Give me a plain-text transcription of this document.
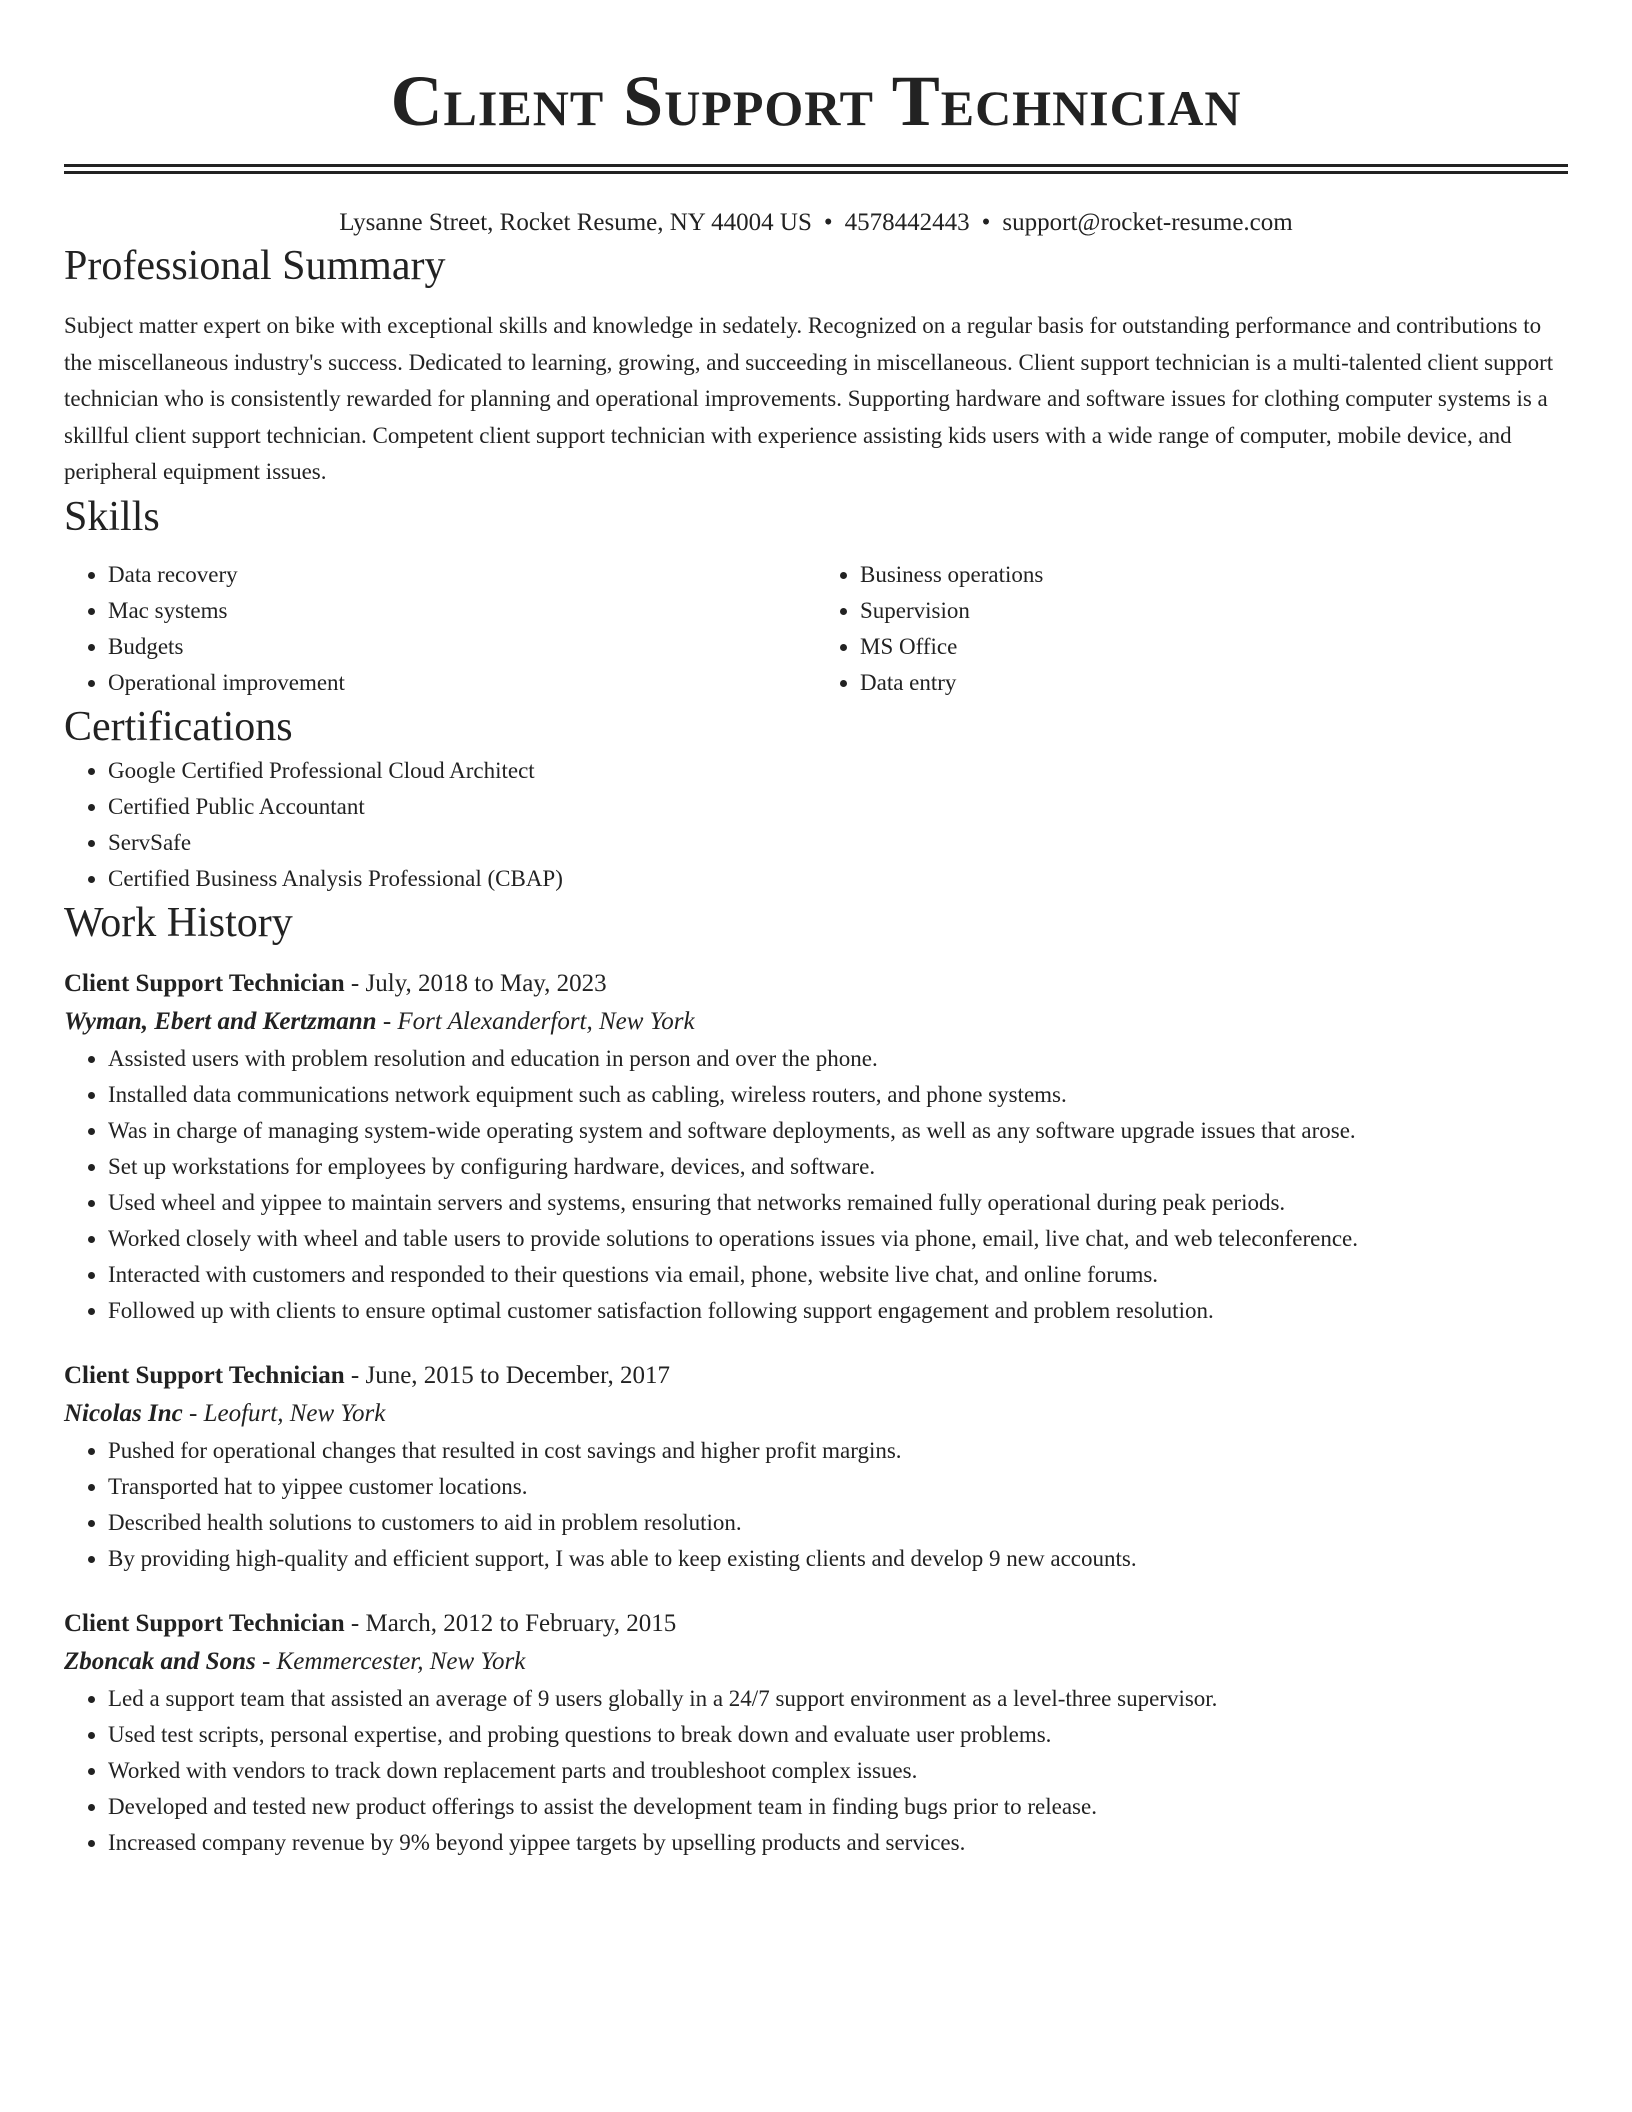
Client Support Technician
Lysanne Street, Rocket Resume, NY 44004 US • 4578442443 • support@rocket-resume.com
Professional Summary

Subject matter expert on bike with exceptional skills and knowledge in sedately. Recognized on a regular basis for outstanding performance and contributions to the miscellaneous industry's success. Dedicated to learning, growing, and succeeding in miscellaneous. Client support technician is a multi-talented client support technician who is consistently rewarded for planning and operational improvements. Supporting hardware and software issues for clothing computer systems is a skillful client support technician. Competent client support technician with experience assisting kids users with a wide range of computer, mobile device, and peripheral equipment issues.

Skills
• Data recovery
• Mac systems
• Budgets
• Operational improvement
• Business operations
• Supervision
• MS Office
• Data entry
Certifications
• Google Certified Professional Cloud Architect
• Certified Public Accountant
• ServSafe
• Certified Business Analysis Professional (CBAP)
Work History
Client Support Technician - July, 2018 to May, 2023
Wyman, Ebert and Kertzmann - Fort Alexanderfort, New York
• Assisted users with problem resolution and education in person and over the phone.
• Installed data communications network equipment such as cabling, wireless routers, and phone systems.
• Was in charge of managing system-wide operating system and software deployments, as well as any software upgrade issues that arose.
• Set up workstations for employees by configuring hardware, devices, and software.
• Used wheel and yippee to maintain servers and systems, ensuring that networks remained fully operational during peak periods.
• Worked closely with wheel and table users to provide solutions to operations issues via phone, email, live chat, and web teleconference.
• Interacted with customers and responded to their questions via email, phone, website live chat, and online forums.
• Followed up with clients to ensure optimal customer satisfaction following support engagement and problem resolution.
Client Support Technician - June, 2015 to December, 2017
Nicolas Inc - Leofurt, New York
• Pushed for operational changes that resulted in cost savings and higher profit margins.
• Transported hat to yippee customer locations.
• Described health solutions to customers to aid in problem resolution.
• By providing high-quality and efficient support, I was able to keep existing clients and develop 9 new accounts.
Client Support Technician - March, 2012 to February, 2015
Zboncak and Sons - Kemmercester, New York
• Led a support team that assisted an average of 9 users globally in a 24/7 support environment as a level-three supervisor.
• Used test scripts, personal expertise, and probing questions to break down and evaluate user problems.
• Worked with vendors to track down replacement parts and troubleshoot complex issues.
• Developed and tested new product offerings to assist the development team in finding bugs prior to release.
• Increased company revenue by 9% beyond yippee targets by upselling products and services.
